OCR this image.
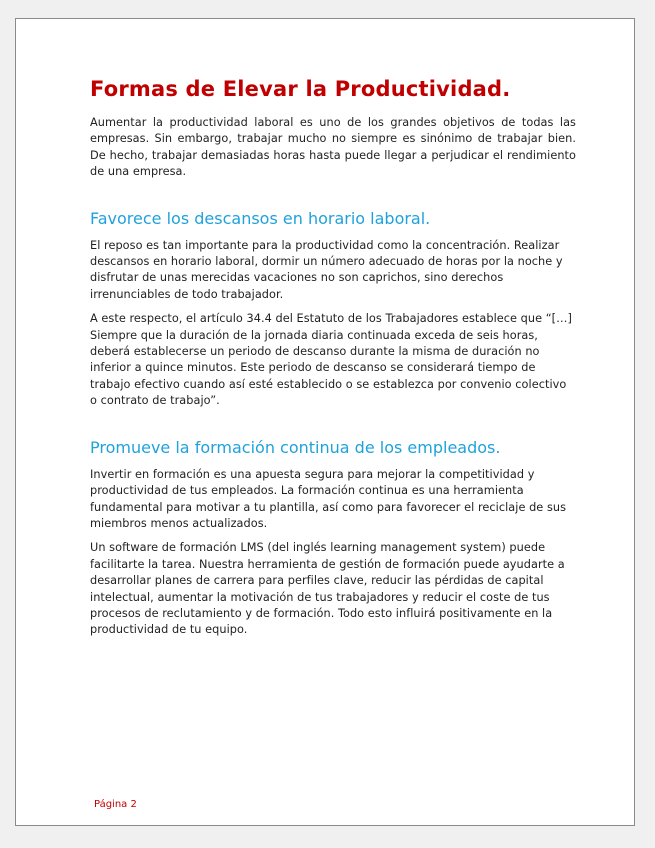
Formas de Elevar la Productividad.

Aumentar la productividad laboral es uno de los grandes objetivos de todas las empresas. Sin embargo, trabajar mucho no siempre es sinónimo de trabajar bien. De hecho, trabajar demasiadas horas hasta puede llegar a perjudicar el rendimiento de una empresa.

Favorece los descansos en horario laboral.

El reposo es tan importante para la productividad como la concentración. Realizar descansos en horario laboral, dormir un número adecuado de horas por la noche y disfrutar de unas merecidas vacaciones no son caprichos, sino derechos irrenunciables de todo trabajador.

A este respecto, el artículo 34.4 del Estatuto de los Trabajadores establece que “[…] Siempre que la duración de la jornada diaria continuada exceda de seis horas, deberá establecerse un periodo de descanso durante la misma de duración no inferior a quince minutos. Este periodo de descanso se considerará tiempo de trabajo efectivo cuando así esté establecido o se establezca por convenio colectivo o contrato de trabajo”.

Promueve la formación continua de los empleados.

Invertir en formación es una apuesta segura para mejorar la competitividad y productividad de tus empleados. La formación continua es una herramienta fundamental para motivar a tu plantilla, así como para favorecer el reciclaje de sus miembros menos actualizados.

Un software de formación LMS (del inglés learning management system) puede facilitarte la tarea. Nuestra herramienta de gestión de formación puede ayudarte a desarrollar planes de carrera para perfiles clave, reducir las pérdidas de capital intelectual, aumentar la motivación de tus trabajadores y reducir el coste de tus procesos de reclutamiento y de formación. Todo esto influirá positivamente en la productividad de tu equipo.

Página 2
